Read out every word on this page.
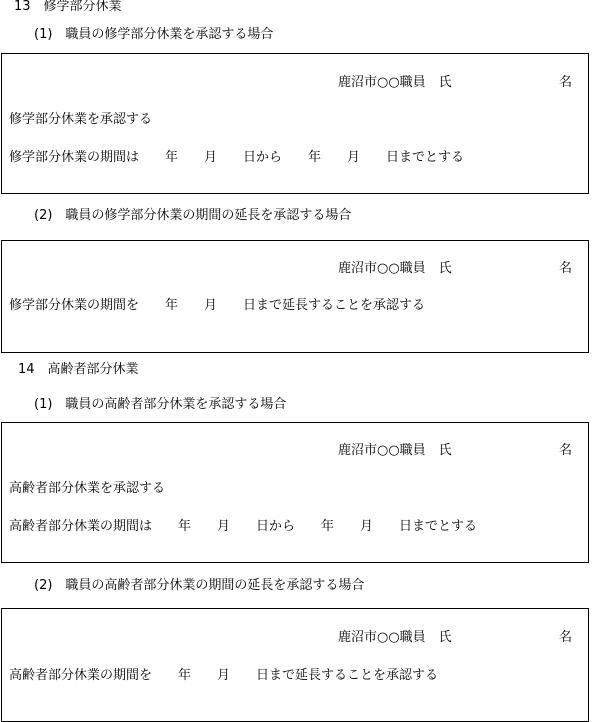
13　修学部分休業
(1)　職員の修学部分休業を承認する場合
鹿沼市○○職員　氏	名
修学部分休業を承認する
修学部分休業の期間は　　年　　月　　日から　　年　　月　　日までとする
(2)　職員の修学部分休業の期間の延長を承認する場合
鹿沼市○○職員　氏	名
修学部分休業の期間を　　年　　月　　日まで延長することを承認する
14　高齢者部分休業
(1)　職員の高齢者部分休業を承認する場合
鹿沼市○○職員　氏	名
高齢者部分休業を承認する
高齢者部分休業の期間は　　年　　月　　日から　　年　　月　　日までとする
(2)　職員の高齢者部分休業の期間の延長を承認する場合
鹿沼市○○職員　氏	名
高齢者部分休業の期間を　　年　　月　　日まで延長することを承認する
